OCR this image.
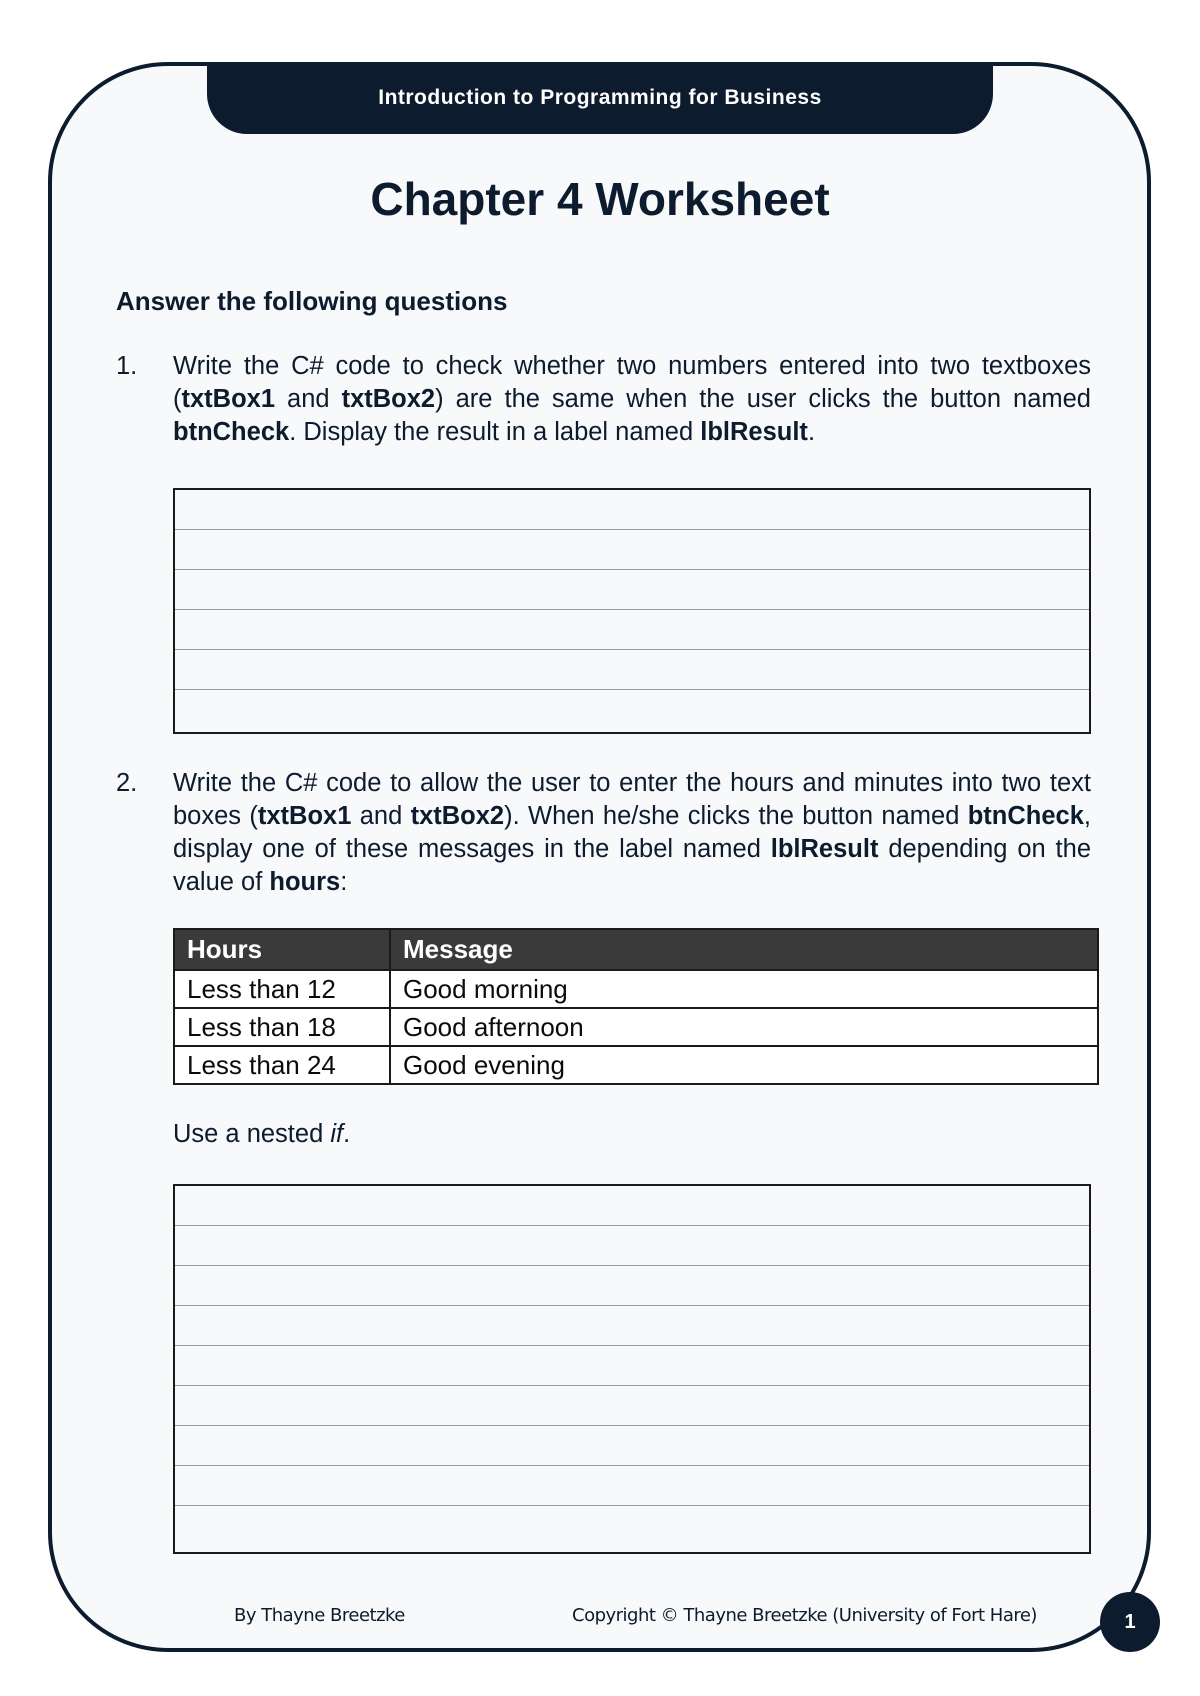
Introduction to Programming for Business
Chapter 4 Worksheet
Answer the following questions
1. Write the C# code to check whether two numbers entered into two textboxes (txtBox1 and txtBox2) are the same when the user clicks the button named btnCheck. Display the result in a label named lblResult.
2. Write the C# code to allow the user to enter the hours and minutes into two text boxes (txtBox1 and txtBox2). When he/she clicks the button named btnCheck, display one of these messages in the label named lblResult depending on the value of hours:
Hours	Message
Less than 12	Good morning
Less than 18	Good afternoon
Less than 24	Good evening
Use a nested if.
By Thayne Breetzke	Copyright © Thayne Breetzke (University of Fort Hare)	1
